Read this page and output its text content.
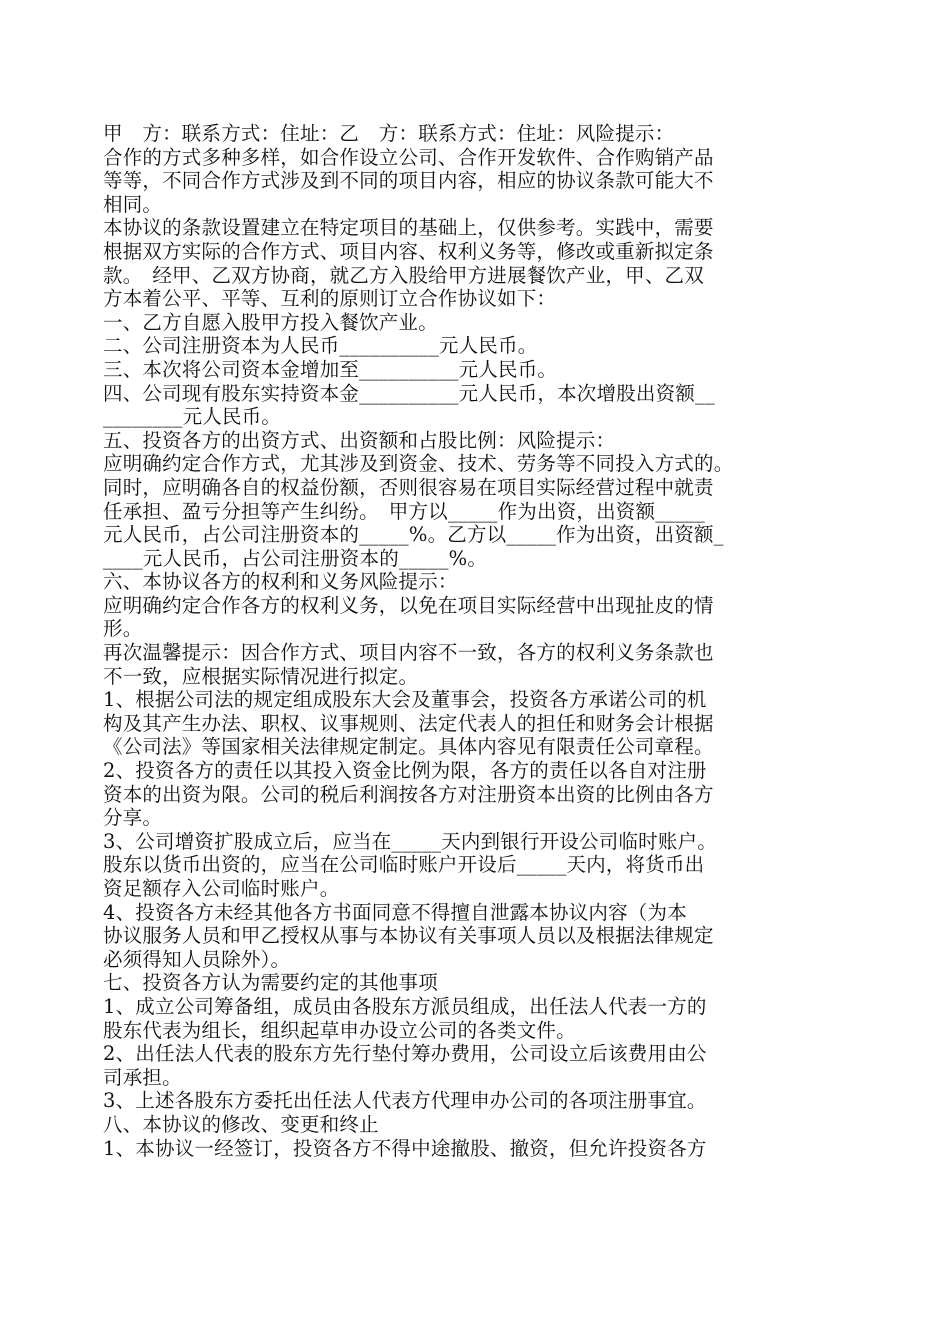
甲　方：联系方式：住址：乙　方：联系方式：住址：风险提示：
合作的方式多种多样，如合作设立公司、合作开发软件、合作购销产品
等等，不同合作方式涉及到不同的项目内容，相应的协议条款可能大不
相同。
本协议的条款设置建立在特定项目的基础上，仅供参考。实践中，需要
根据双方实际的合作方式、项目内容、权利义务等，修改或重新拟定条
款。　经甲、乙双方协商，就乙方入股给甲方进展餐饮产业，甲、乙双
方本着公平、平等、互利的原则订立合作协议如下：
一、乙方自愿入股甲方投入餐饮产业。
二、公司注册资本为人民币__________元人民币。
三、本次将公司资本金增加至__________元人民币。
四、公司现有股东实持资本金__________元人民币，本次增股出资额__
________元人民币。
五、投资各方的出资方式、出资额和占股比例：风险提示：
应明确约定合作方式，尤其涉及到资金、技术、劳务等不同投入方式的。
同时，应明确各自的权益份额，否则很容易在项目实际经营过程中就责
任承担、盈亏分担等产生纠纷。　甲方以_____作为出资，出资额_____
元人民币，占公司注册资本的_____%。乙方以_____作为出资，出资额_
____元人民币，占公司注册资本的_____%。
六、本协议各方的权利和义务风险提示：
应明确约定合作各方的权利义务，以免在项目实际经营中出现扯皮的情
形。
再次温馨提示：因合作方式、项目内容不一致，各方的权利义务条款也
不一致，应根据实际情况进行拟定。
1、根据公司法的规定组成股东大会及董事会，投资各方承诺公司的机
构及其产生办法、职权、议事规则、法定代表人的担任和财务会计根据
《公司法》等国家相关法律规定制定。具体内容见有限责任公司章程。
2、投资各方的责任以其投入资金比例为限，各方的责任以各自对注册
资本的出资为限。公司的税后利润按各方对注册资本出资的比例由各方
分享。
3、公司增资扩股成立后，应当在_____天内到银行开设公司临时账户。
股东以货币出资的，应当在公司临时账户开设后_____天内，将货币出
资足额存入公司临时账户。
4、投资各方未经其他各方书面同意不得擅自泄露本协议内容（为本
协议服务人员和甲乙授权从事与本协议有关事项人员以及根据法律规定
必须得知人员除外）。
七、投资各方认为需要约定的其他事项
1、成立公司筹备组，成员由各股东方派员组成，出任法人代表一方的
股东代表为组长，组织起草申办设立公司的各类文件。
2、出任法人代表的股东方先行垫付筹办费用，公司设立后该费用由公
司承担。
3、上述各股东方委托出任法人代表方代理申办公司的各项注册事宜。
八、本协议的修改、变更和终止
1、本协议一经签订，投资各方不得中途撤股、撤资，但允许投资各方
